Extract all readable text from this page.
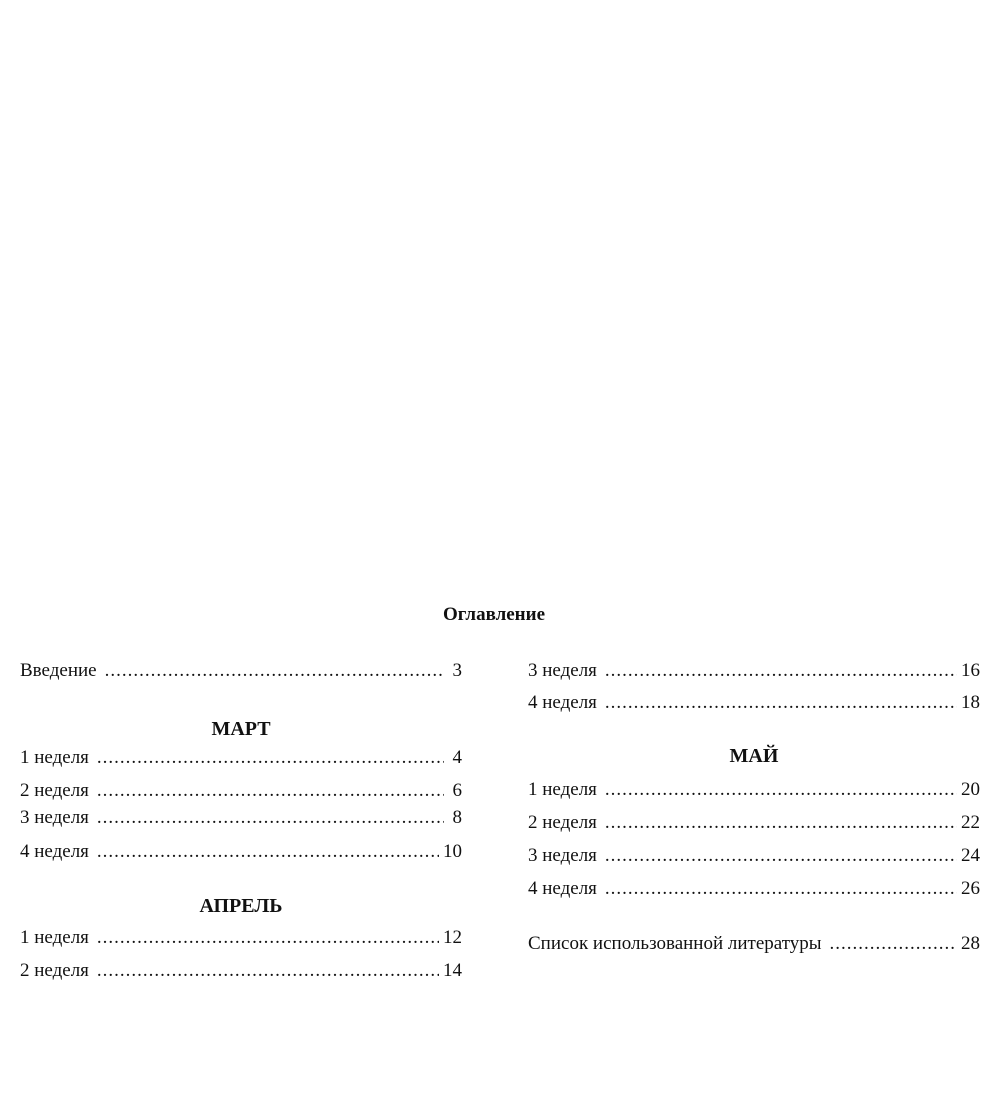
Оглавление
Введение .....	3
МАРТ
1 неделя .....	4
2 неделя .....	6
3 неделя .....	8
4 неделя .....	10
АПРЕЛЬ
1 неделя .....	12
2 неделя .....	14
3 неделя .....	16
4 неделя .....	18
МАЙ
1 неделя .....	20
2 неделя .....	22
3 неделя .....	24
4 неделя .....	26
Список использованной литературы .....	28
